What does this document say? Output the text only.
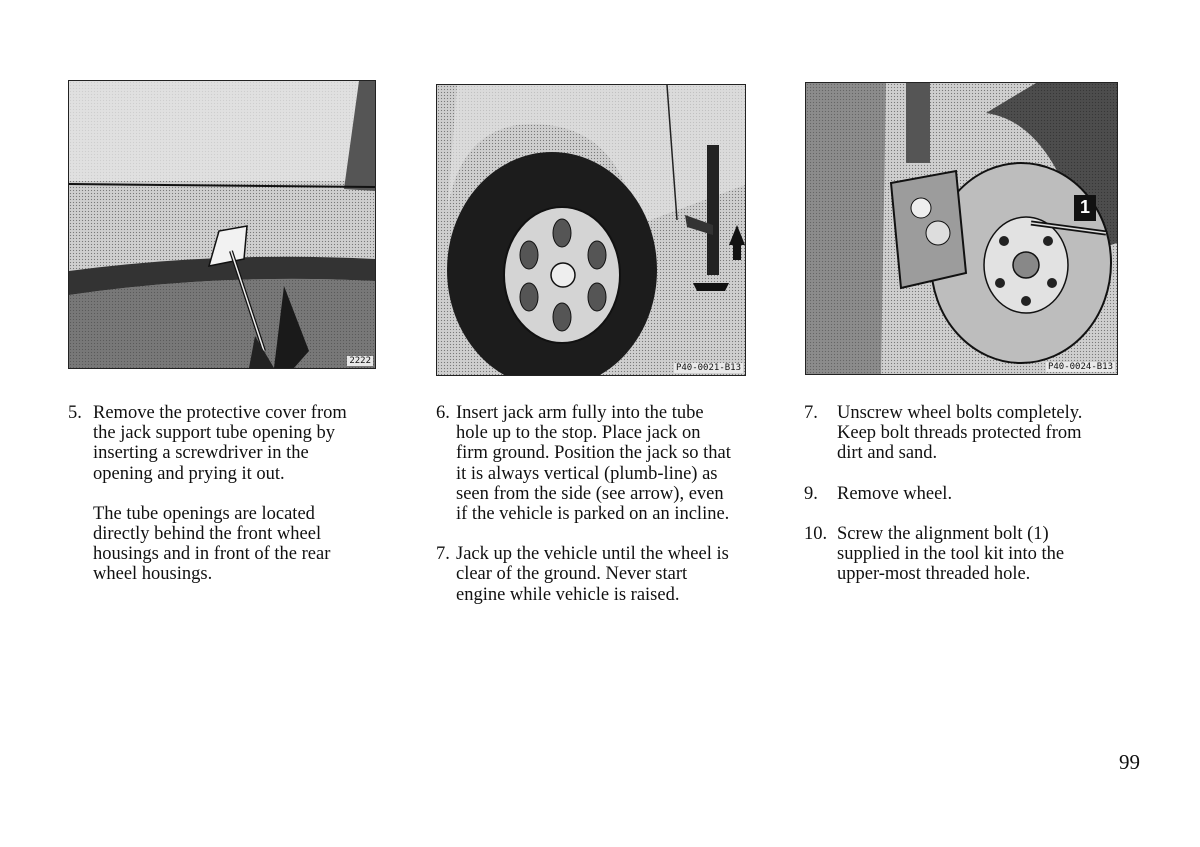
2222
P40-0021-B13
1
P40-0024-B13
5. Remove the protective cover from
the jack support tube opening by
inserting a screwdriver in the
opening and prying it out.
The tube openings are located
directly behind the front wheel
housings and in front of the rear
wheel housings.
6. Insert jack arm fully into the tube
hole up to the stop. Place jack on
firm ground. Position the jack so that
it is always vertical (plumb-line) as
seen from the side (see arrow), even
if the vehicle is parked on an incline.
7. Jack up the vehicle until the wheel is
clear of the ground. Never start
engine while vehicle is raised.
7. Unscrew wheel bolts completely.
Keep bolt threads protected from
dirt and sand.
9. Remove wheel.
10. Screw the alignment bolt (1)
supplied in the tool kit into the
upper-most threaded hole.
99
